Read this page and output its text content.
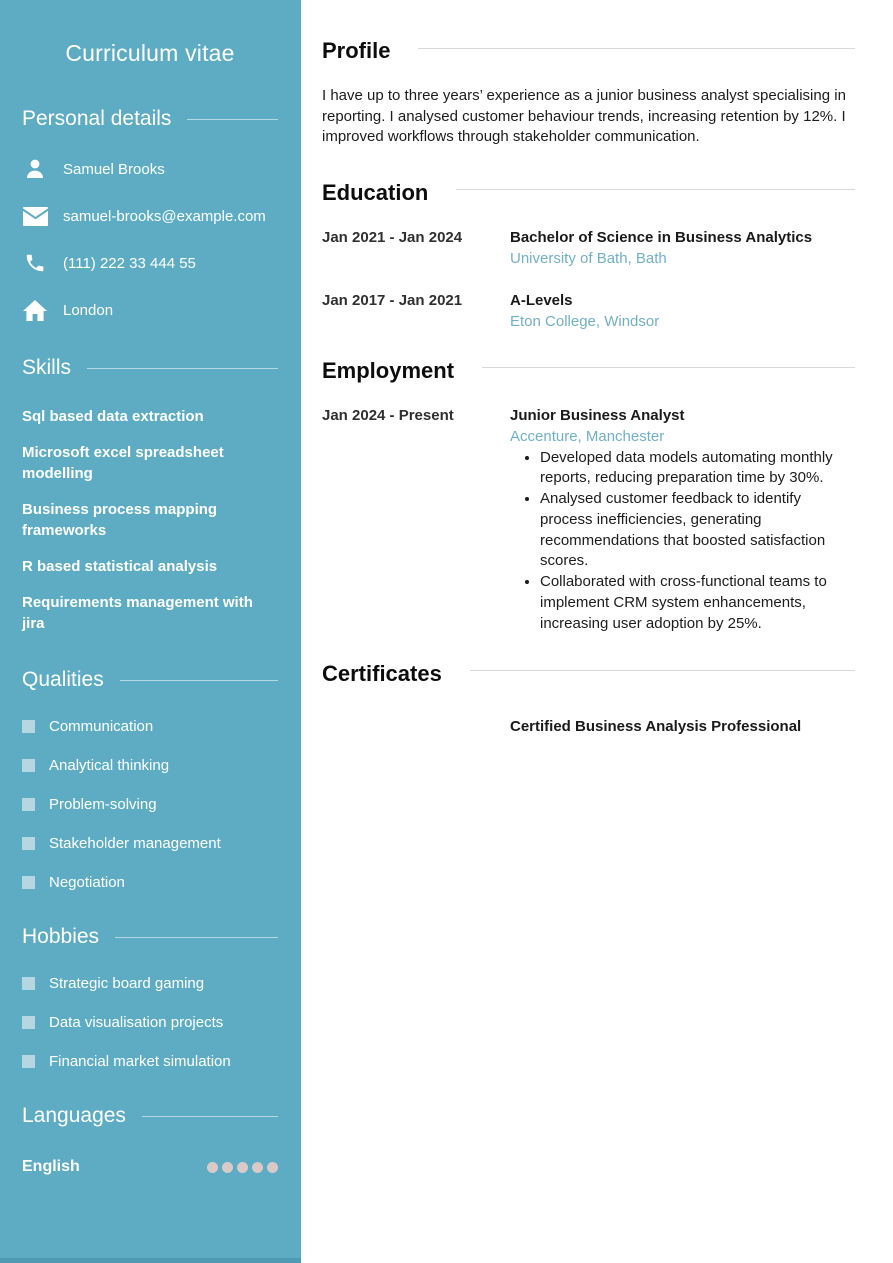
Curriculum vitae
Personal details
Samuel Brooks
samuel-brooks@example.com
(111) 222 33 444 55
London
Skills
Sql based data extraction
Microsoft excel spreadsheet modelling
Business process mapping frameworks
R based statistical analysis
Requirements management with jira
Qualities
Communication
Analytical thinking
Problem-solving
Stakeholder management
Negotiation
Hobbies
Strategic board gaming
Data visualisation projects
Financial market simulation
Languages
English
Profile

I have up to three years’ experience as a junior business analyst specialising in reporting. I analysed customer behaviour trends, increasing retention by 12%. I improved workflows through stakeholder communication.

Education
Jan 2021 - Jan 2024	Bachelor of Science in Business Analytics
University of Bath, Bath
Jan 2017 - Jan 2021	A-Levels
Eton College, Windsor
Employment
Jan 2024 - Present	Junior Business Analyst
Accenture, Manchester
• Developed data models automating monthly reports, reducing preparation time by 30%.
• Analysed customer feedback to identify process inefficiencies, generating recommendations that boosted satisfaction scores.
• Collaborated with cross-functional teams to implement CRM system enhancements, increasing user adoption by 25%.
Certificates
Certified Business Analysis Professional
